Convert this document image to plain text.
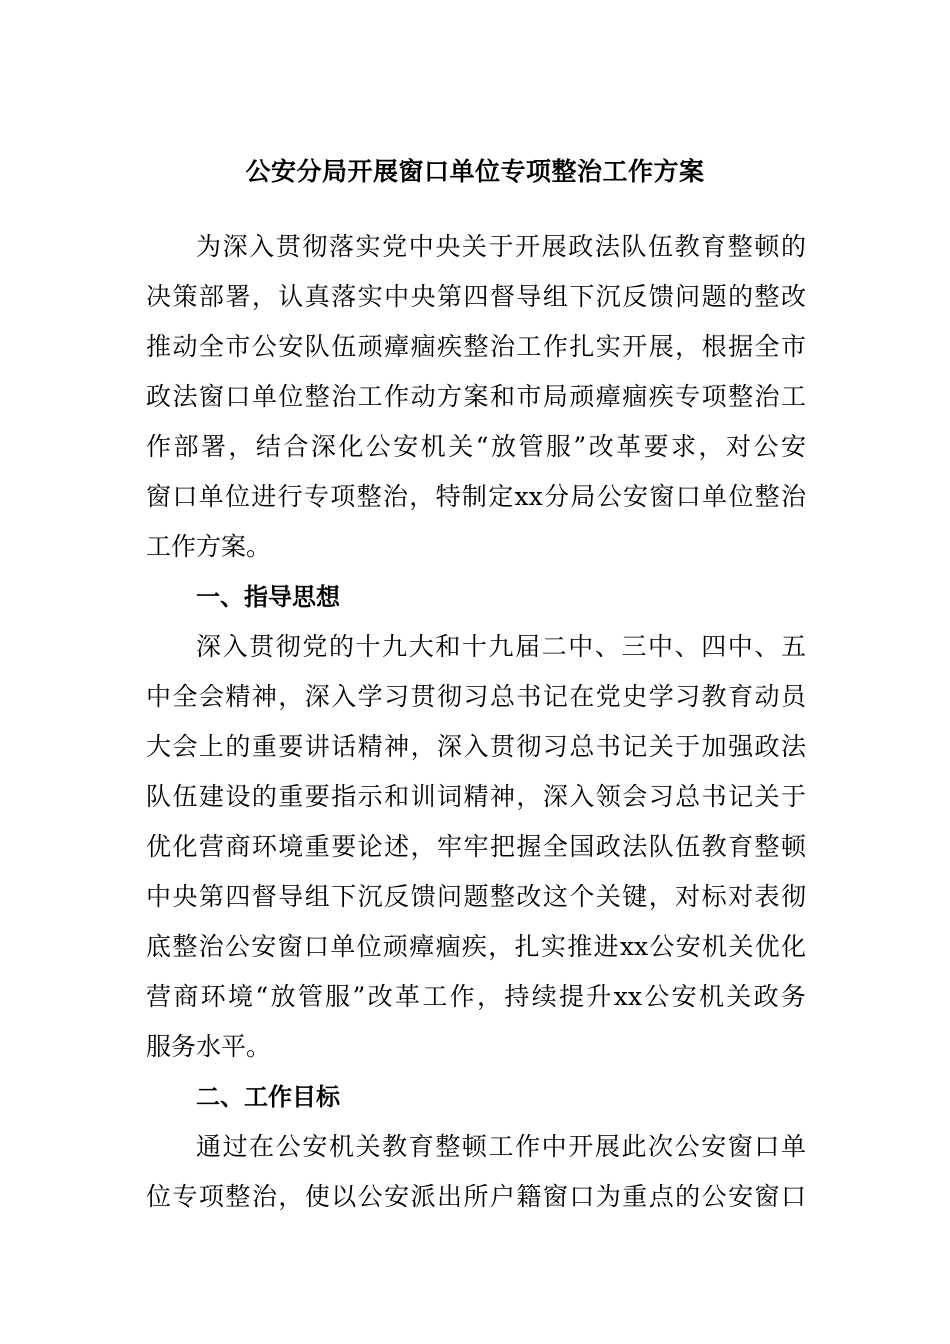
公安分局开展窗口单位专项整治工作方案
为深入贯彻落实党中央关于开展政法队伍教育整顿的
决策部署，认真落实中央第四督导组下沉反馈问题的整改
推动全市公安队伍顽瘴痼疾整治工作扎实开展，根据全市
政法窗口单位整治工作动方案和市局顽瘴痼疾专项整治工
作部署，结合深化公安机关“放管服”改革要求，对公安
窗口单位进行专项整治，特制定xx分局公安窗口单位整治
工作方案。
一、指导思想
深入贯彻党的十九大和十九届二中、三中、四中、五
中全会精神，深入学习贯彻习总书记在党史学习教育动员
大会上的重要讲话精神，深入贯彻习总书记关于加强政法
队伍建设的重要指示和训词精神，深入领会习总书记关于
优化营商环境重要论述，牢牢把握全国政法队伍教育整顿
中央第四督导组下沉反馈问题整改这个关键，对标对表彻
底整治公安窗口单位顽瘴痼疾，扎实推进xx公安机关优化
营商环境“放管服”改革工作，持续提升xx公安机关政务
服务水平。
二、工作目标
通过在公安机关教育整顿工作中开展此次公安窗口单
位专项整治，使以公安派出所户籍窗口为重点的公安窗口
